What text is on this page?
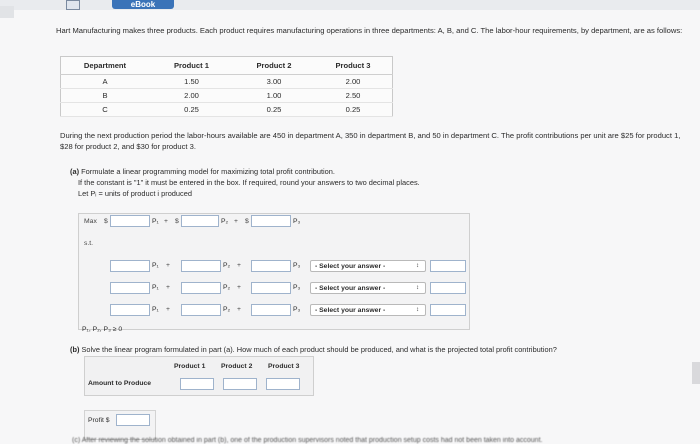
eBook
Hart Manufacturing makes three products. Each product requires manufacturing operations in three departments: A, B, and C. The labor-hour requirements, by department, are as follows:
Department	Product 1	Product 2	Product 3
A	1.50	3.00	2.00
B	2.00	1.00	2.50
C	0.25	0.25	0.25
During the next production period the labor-hours available are 450 in department A, 350 in department B, and 50 in department C. The profit contributions per unit are $25 for product 1, $28 for product 2, and $30 for product 3.
(a) Formulate a linear programming model for maximizing total profit contribution.
If the constant is "1" it must be entered in the box. If required, round your answers to two decimal places.
Let Pᵢ = units of product i produced
Max $	P₁ + $	P₂ + $	P₃
s.t.
P₁ +	P₂ +	P₃	- Select your answer -	↕
P₁ +	P₂ +	P₃	- Select your answer -	↕
P₁ +	P₂ +	P₃	- Select your answer -	↕
P₁, P₂, P₃ ≥ 0
(b) Solve the linear program formulated in part (a). How much of each product should be produced, and what is the projected total profit contribution?
Product 1 Product 2 Product 3
Amount to Produce
Profit $
(c) After reviewing the solution obtained in part (b), one of the production supervisors noted that production setup costs had not been taken into account.
